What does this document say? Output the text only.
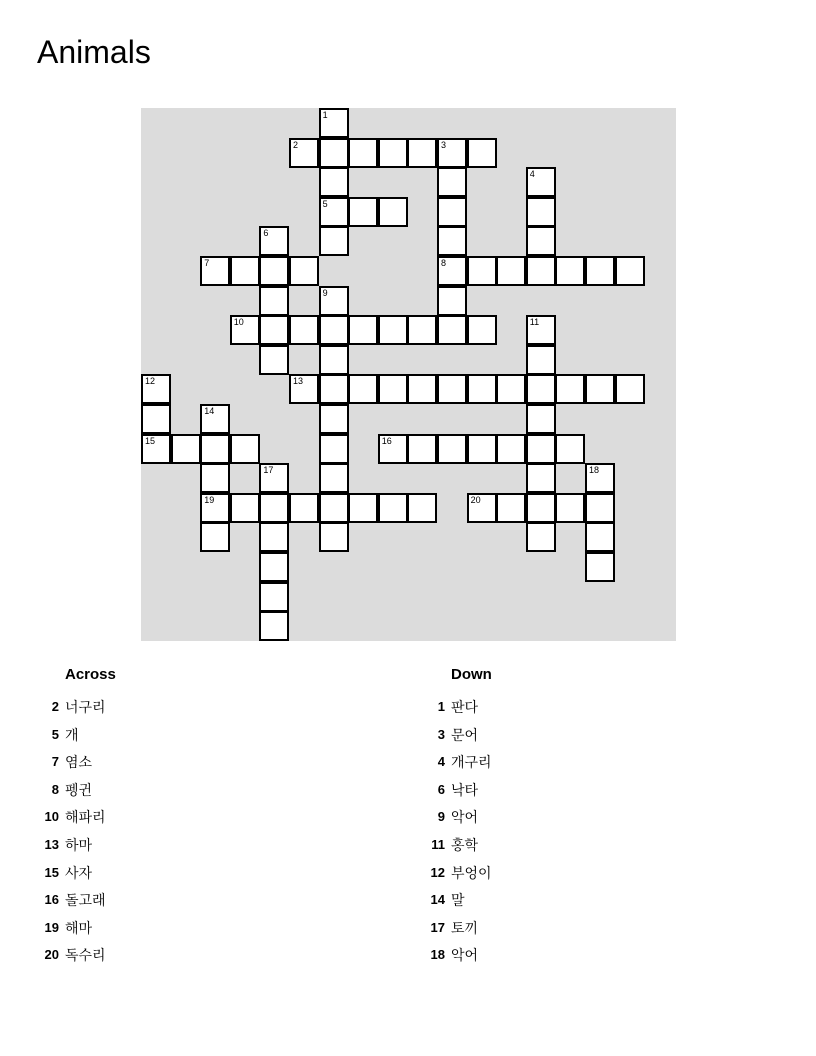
Animals
1
2	3
4
5
6
7	8
9
10	11
12	13
14
15	16
17	18
19	20
Across	Down
2 너구리
5 개
7 염소
8 펭귄
10 해파리
13 하마
15 사자
16 돌고래
19 해마
20 독수리
1 판다
3 문어
4 개구리
6 낙타
9 악어
11 홍학
12 부엉이
14 말
17 토끼
18 악어
